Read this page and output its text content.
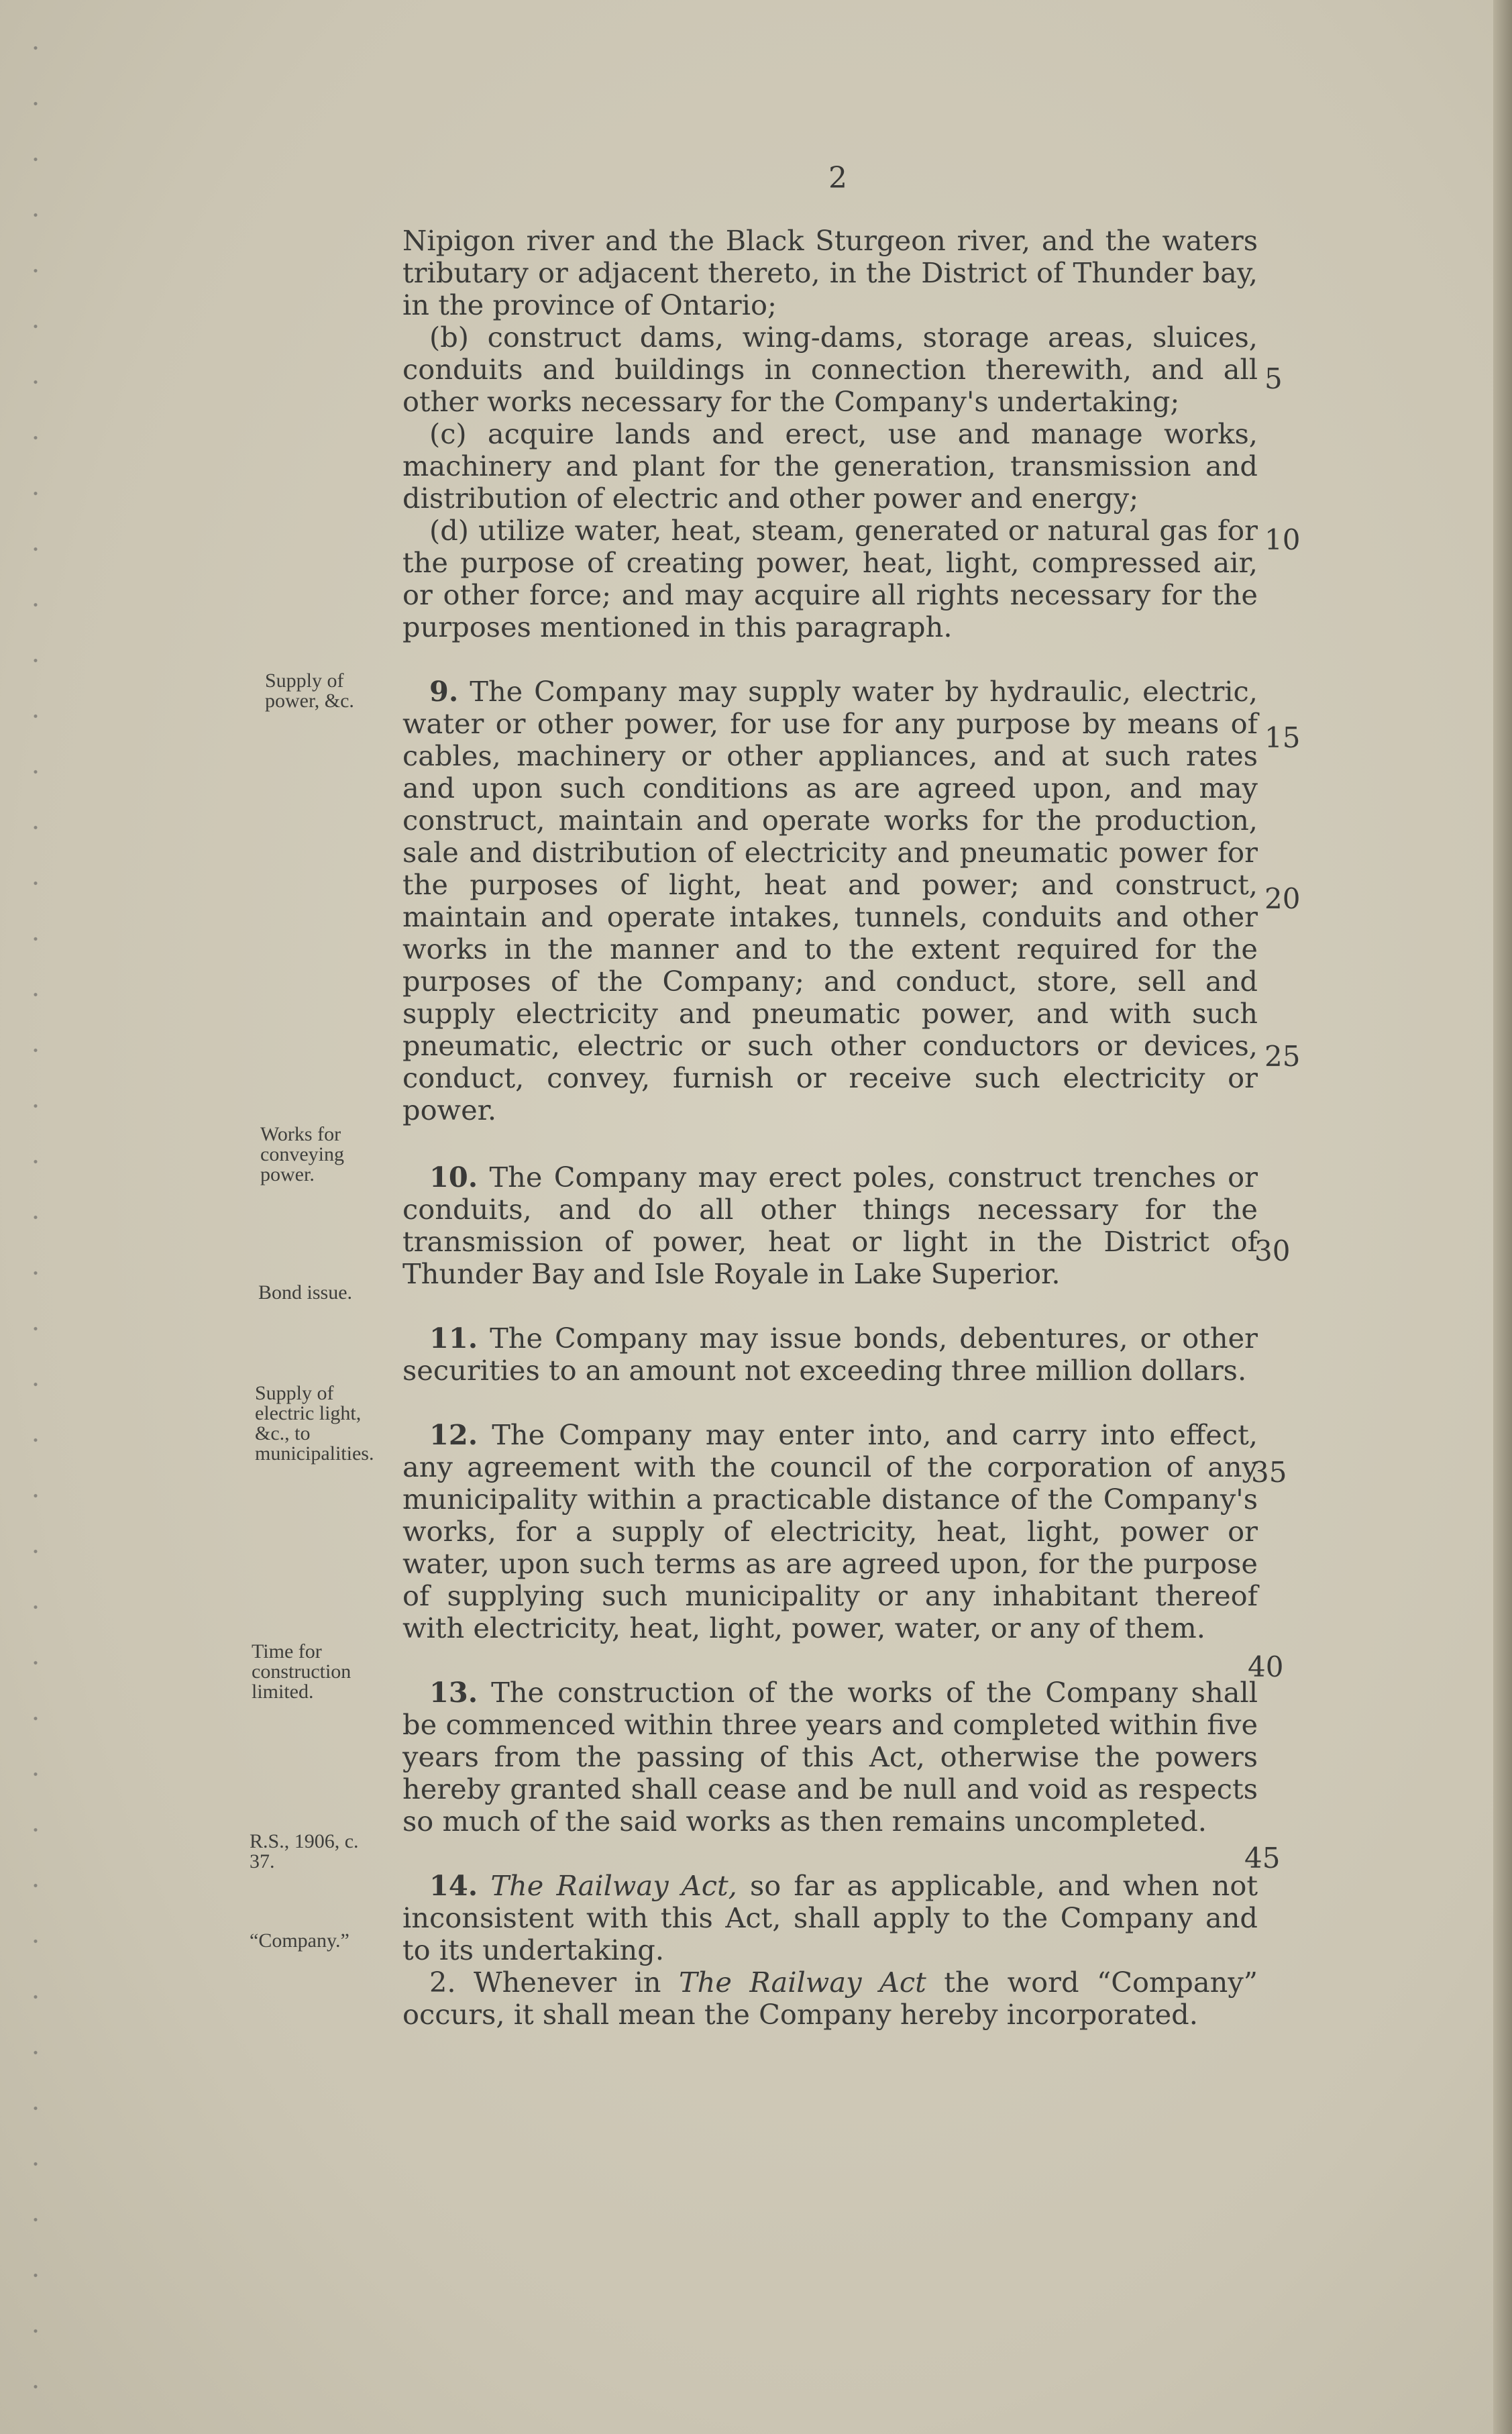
2

Nipigon river and the Black Sturgeon river, and the waters tributary or adjacent thereto, in the District of Thunder bay, in the province of Ontario;

(b) construct dams, wing-dams, storage areas, sluices, conduits and buildings in connection therewith, and all other works necessary for the Company's undertaking;

(c) acquire lands and erect, use and manage works, machinery and plant for the generation, transmission and distribution of electric and other power and energy;

(d) utilize water, heat, steam, generated or natural gas for the purpose of creating power, heat, light, compressed air, or other force; and may acquire all rights necessary for the purposes mentioned in this paragraph.

9. The Company may supply water by hydraulic, electric, water or other power, for use for any purpose by means of cables, machinery or other appliances, and at such rates and upon such conditions as are agreed upon, and may construct, maintain and operate works for the production, sale and distribution of electricity and pneumatic power for the purposes of light, heat and power; and construct, maintain and operate intakes, tunnels, conduits and other works in the manner and to the extent required for the purposes of the Company; and conduct, store, sell and supply electricity and pneumatic power, and with such pneumatic, electric or such other conductors or devices, conduct, convey, furnish or receive such electricity or power.

10. The Company may erect poles, construct trenches or conduits, and do all other things necessary for the transmission of power, heat or light in the District of Thunder Bay and Isle Royale in Lake Superior.

11. The Company may issue bonds, debentures, or other securities to an amount not exceeding three million dollars.

12. The Company may enter into, and carry into effect, any agreement with the council of the corporation of any municipality within a practicable distance of the Company's works, for a supply of electricity, heat, light, power or water, upon such terms as are agreed upon, for the purpose of supplying such municipality or any inhabitant thereof with electricity, heat, light, power, water, or any of them.

13. The construction of the works of the Company shall be commenced within three years and completed within five years from the passing of this Act, otherwise the powers hereby granted shall cease and be null and void as respects so much of the said works as then remains uncompleted.

14. The Railway Act, so far as applicable, and when not inconsistent with this Act, shall apply to the Company and to its undertaking.

2. Whenever in The Railway Act the word “Company” occurs, it shall mean the Company hereby incorporated.

Supply of power, &c.
Works for conveying power.
Bond issue.
Supply of electric light, &c., to municipalities.
Time for construction limited.
R.S., 1906, c. 37.
“Company.”
5
10
15
20
25
30
35
40
45
